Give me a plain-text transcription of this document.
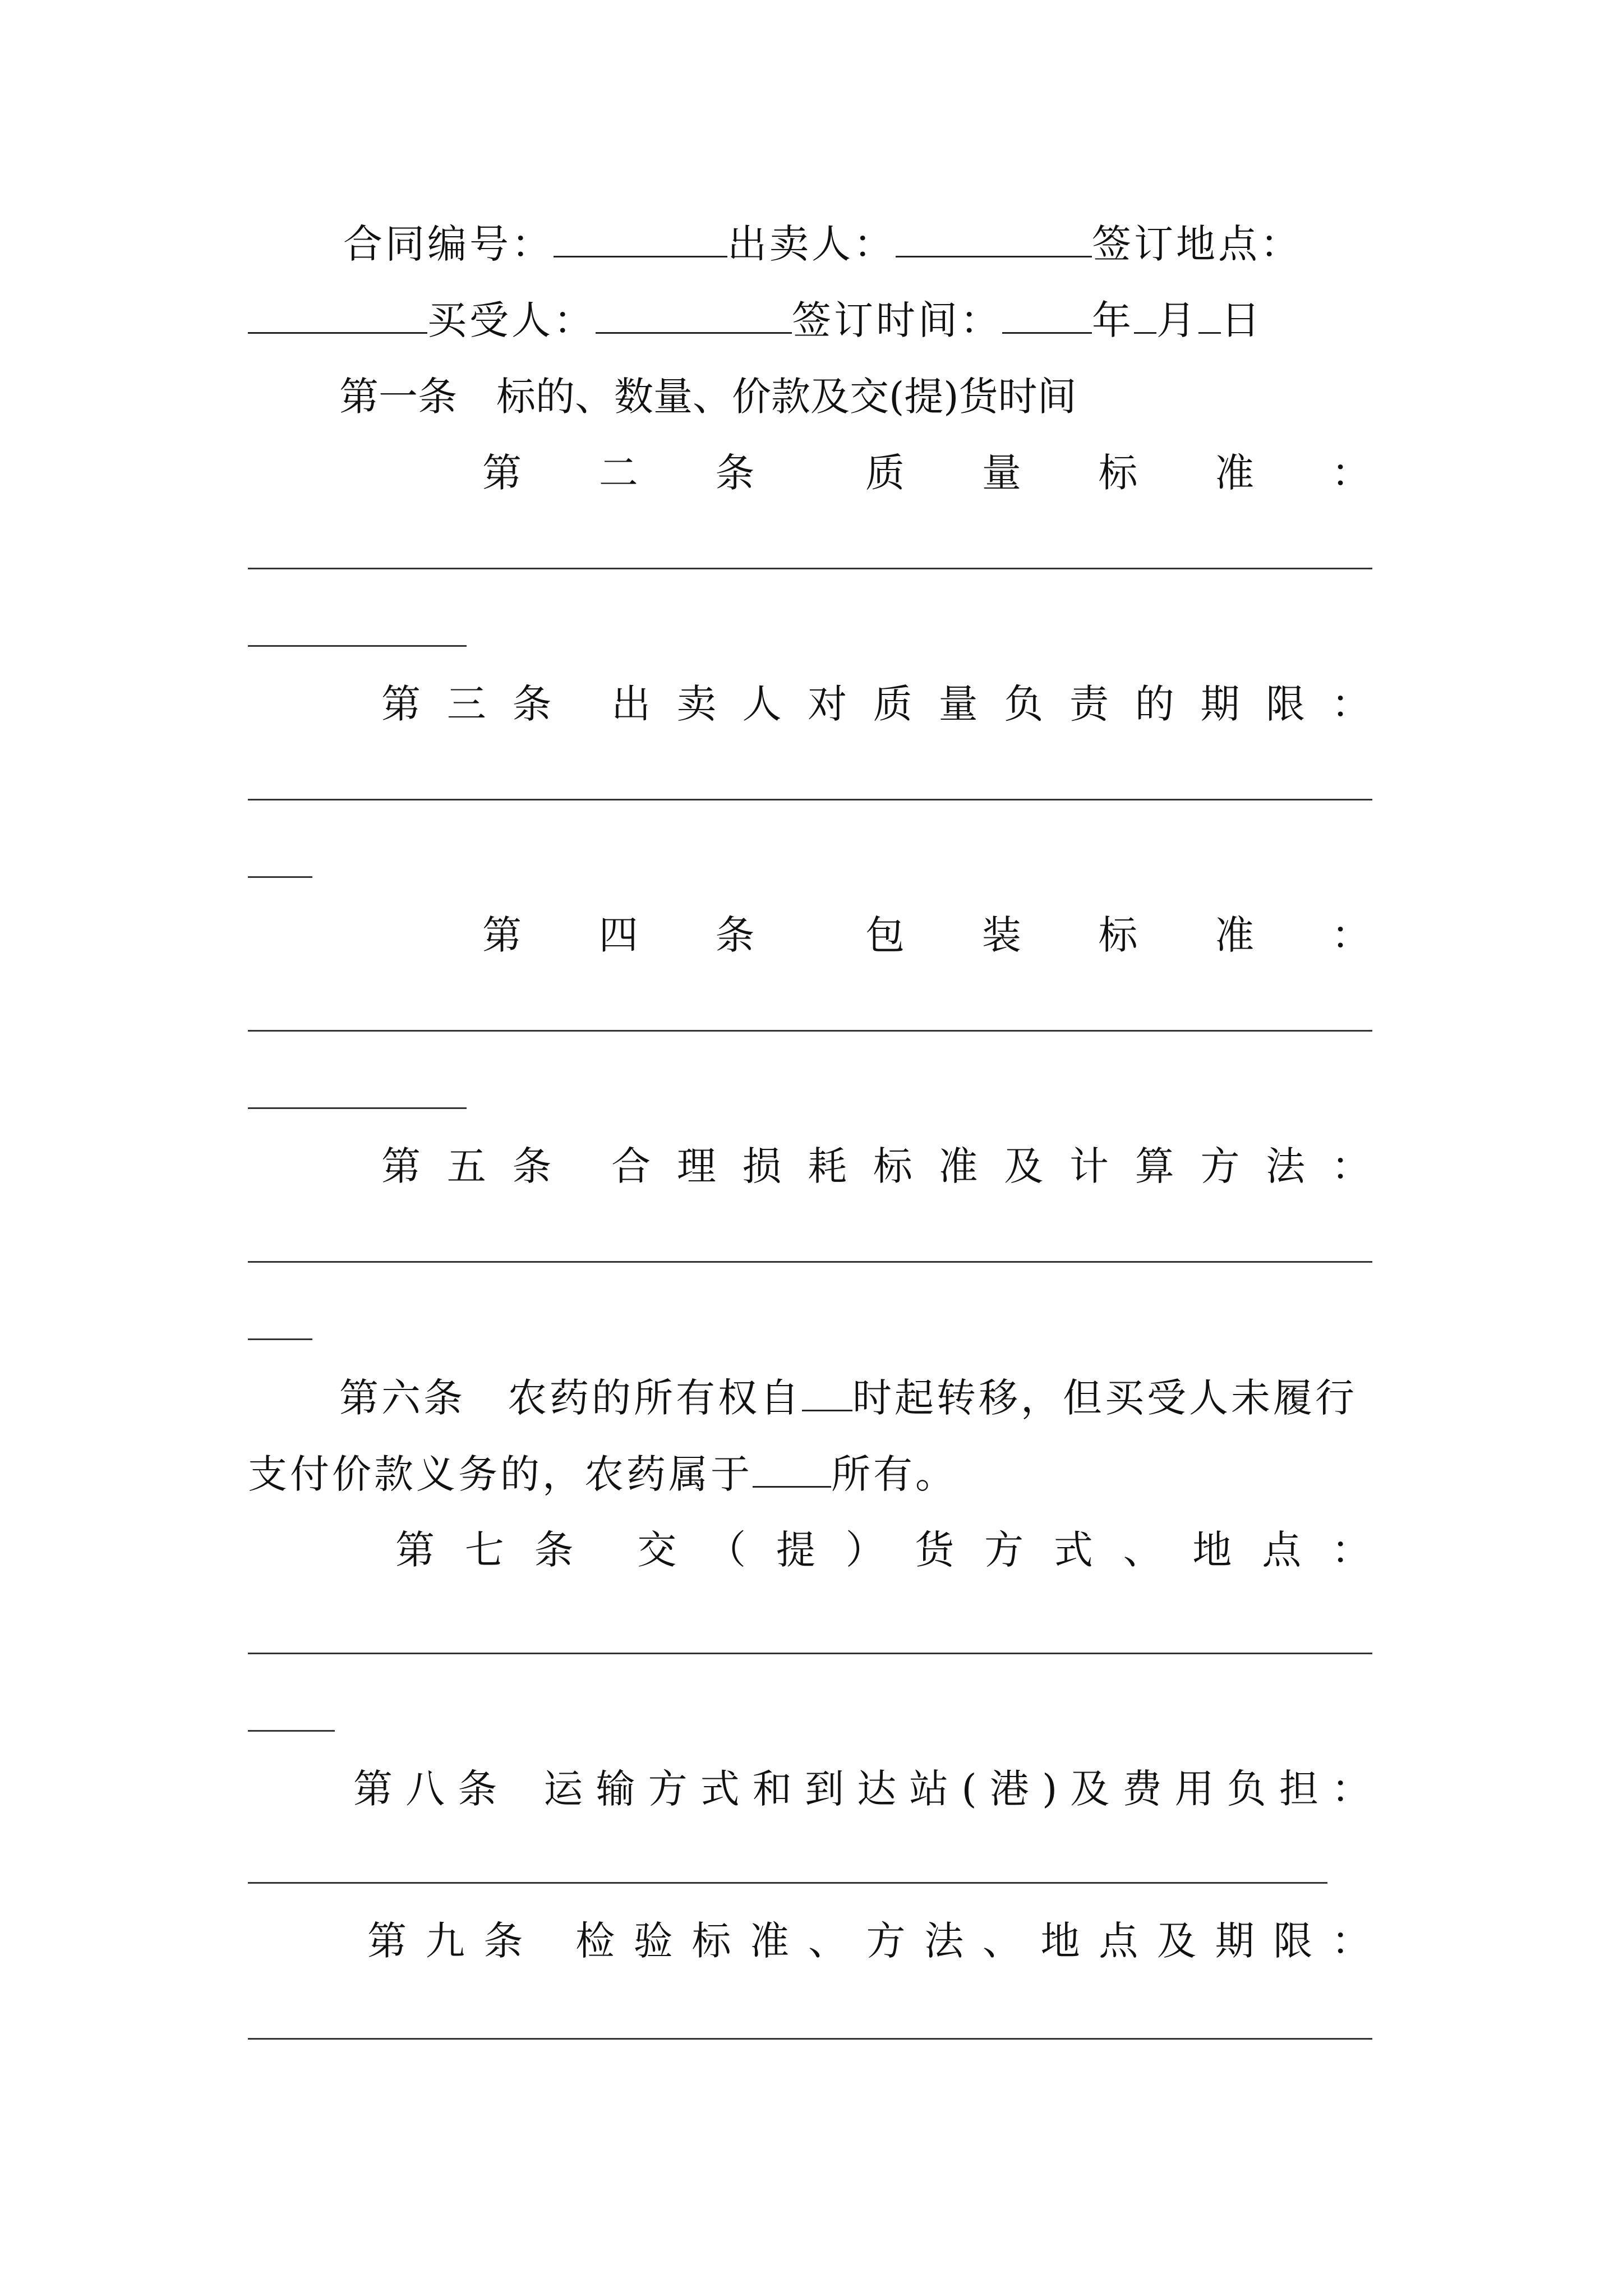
合同编号：	出卖人：	签订地点：
买受人：	签订时间： 年 月 日
第一条　标的、数量、价款及交(提)货时间
第 二 条	质 量 标 准 ：
第 三 条 出 卖 人 对 质 量 负 责 的 期 限 ：
第 四 条	包 装 标 准 ：
第 五 条 合 理 损 耗 标 准 及 计 算 方 法 ：
第六条　农药的所有权自 时起转移，但买受人未履行
支付价款义务的，农药属于 所有。
第 七 条 交 （ 提 ） 货 方 式 、 地 点 ：
第 八 条 运 输 方 式 和 到 达 站 ( 港 ) 及 费 用 负 担 ：
第 九 条 检 验 标 准 、 方 法 、 地 点 及 期 限 ：
